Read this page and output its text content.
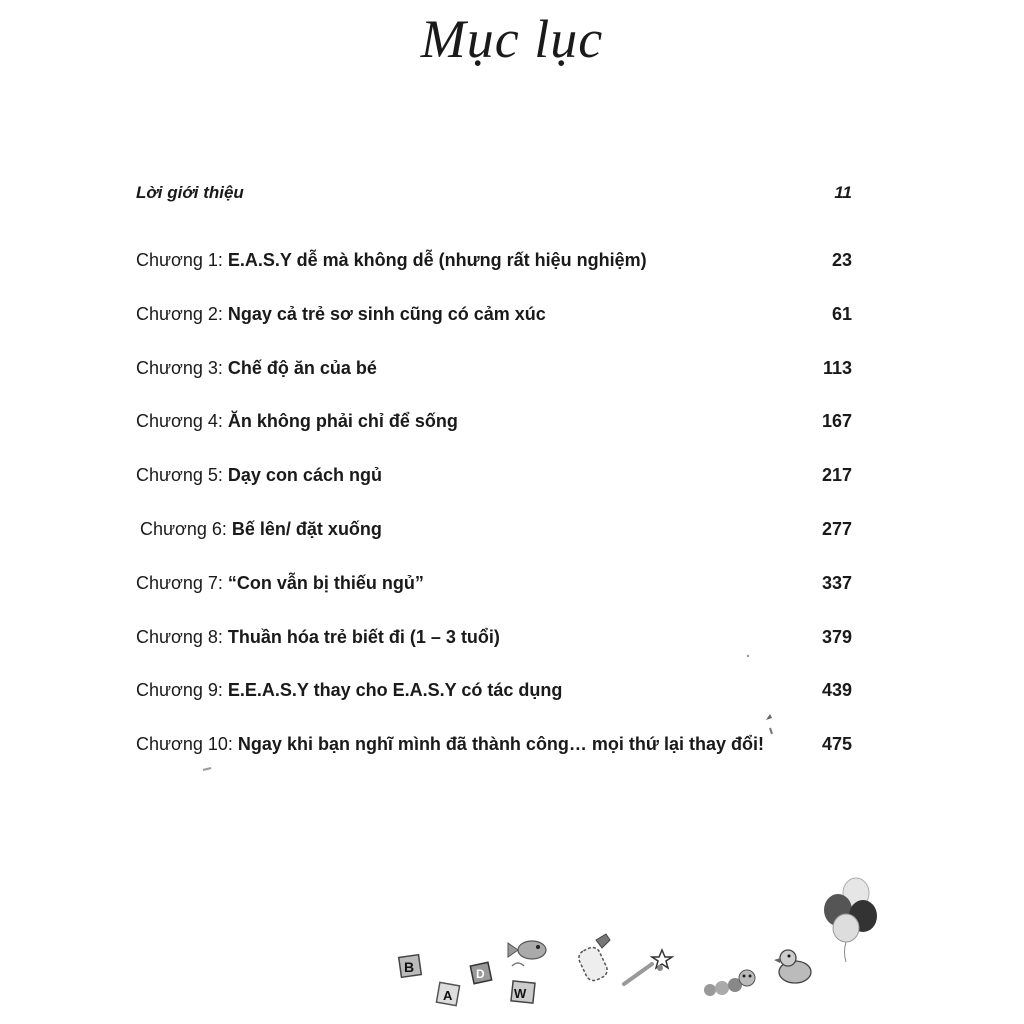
Mục lục
Lời giới thiệu	11
Chương 1: E.A.S.Y dễ mà không dễ (nhưng rất hiệu nghiệm)	23
Chương 2: Ngay cả trẻ sơ sinh cũng có cảm xúc	61
Chương 3: Chế độ ăn của bé	113
Chương 4: Ăn không phải chỉ để sống	167
Chương 5: Dạy con cách ngủ	217
Chương 6: Bế lên/ đặt xuống	277
Chương 7: “Con vẫn bị thiếu ngủ”	337
Chương 8: Thuần hóa trẻ biết đi (1 – 3 tuổi)	379
Chương 9: E.E.A.S.Y thay cho E.A.S.Y có tác dụng	439
Chương 10: Ngay khi bạn nghĩ mình đã thành công… mọi thứ lại thay đổi!	475
B
A
D
W
